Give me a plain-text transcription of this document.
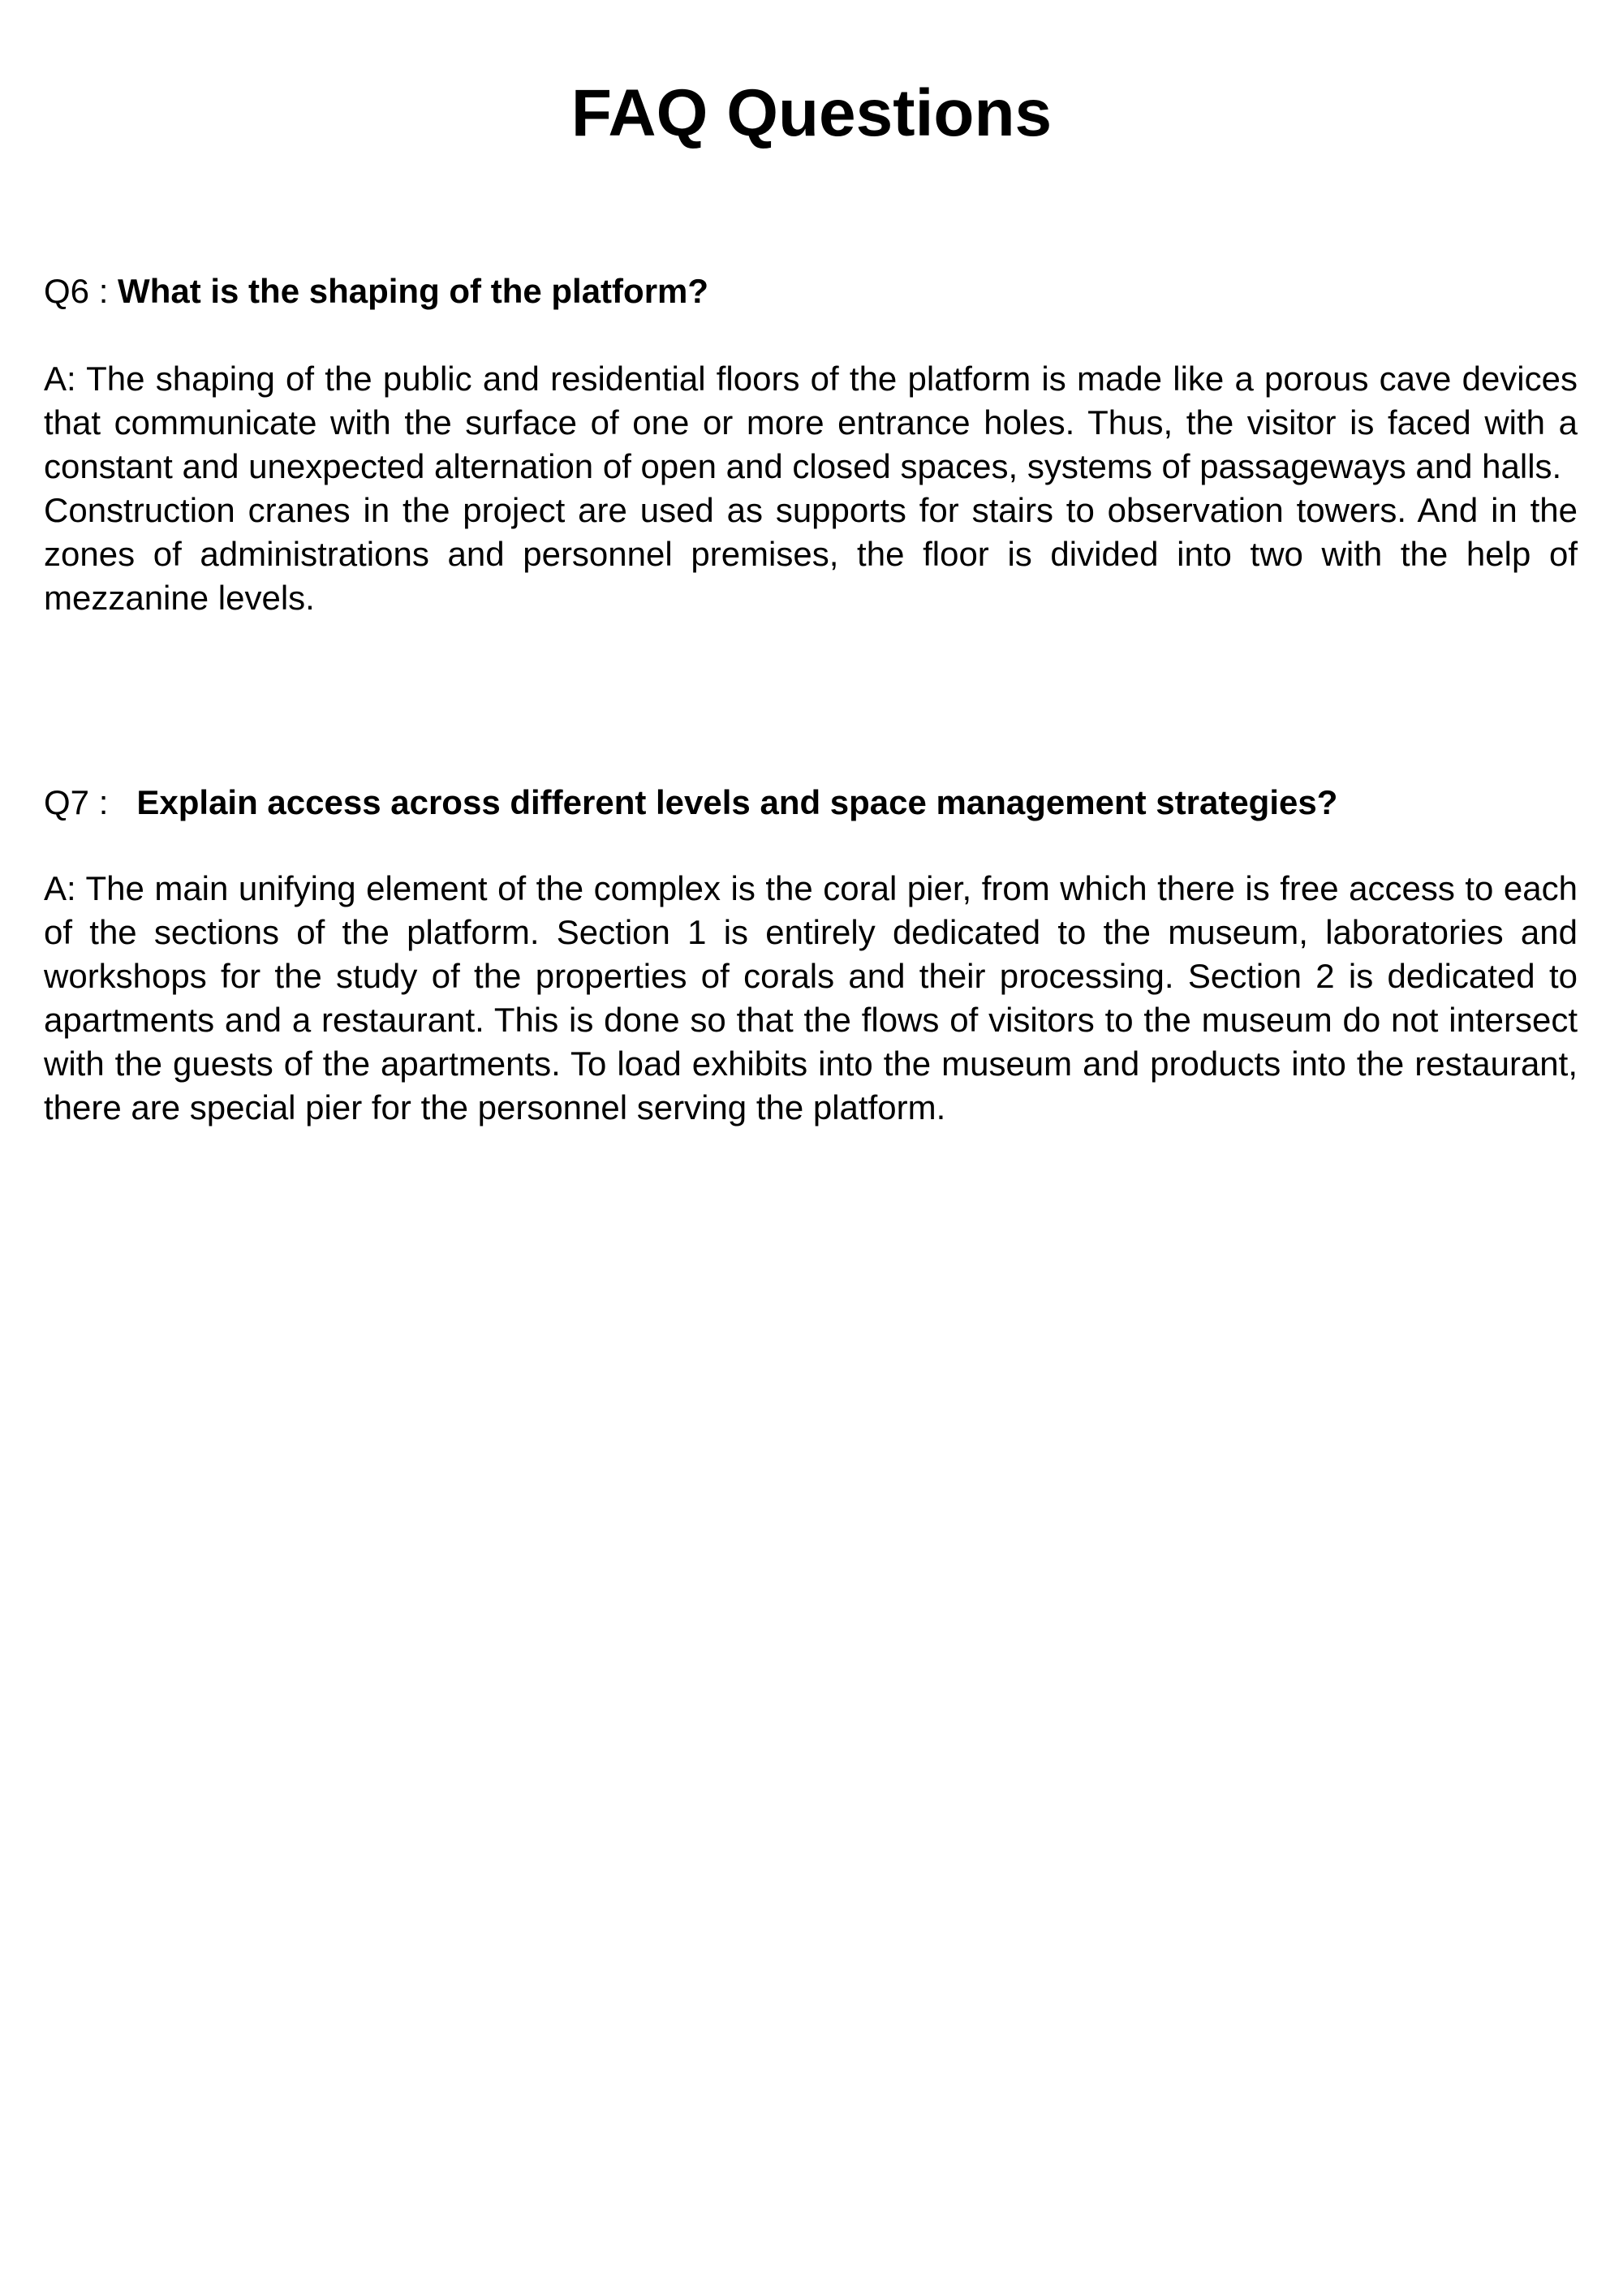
FAQ Questions
Q6 : What is the shaping of the platform?

A: The shaping of the public and residential floors of the platform is made like a porous cave devices that communicate with the surface of one or more entrance holes. Thus, the visitor is faced with a constant and unexpected alternation of open and closed spaces, systems of passageways and halls.

Construction cranes in the project are used as supports for stairs to observation towers. And in the zones of administrations and personnel premises, the floor is divided into two with the help of mezzanine levels.

Q7 :   Explain access across different levels and space management strategies?

A: The main unifying element of the complex is the coral pier, from which there is free access to each of the sections of the platform. Section 1 is entirely dedicated to the museum, laboratories and workshops for the study of the properties of corals and their processing. Section 2 is dedicated to apartments and a restaurant. This is done so that the flows of visitors to the museum do not intersect with the guests of the apartments. To load exhibits into the museum and products into the restaurant, there are special pier for the personnel serving the platform.
